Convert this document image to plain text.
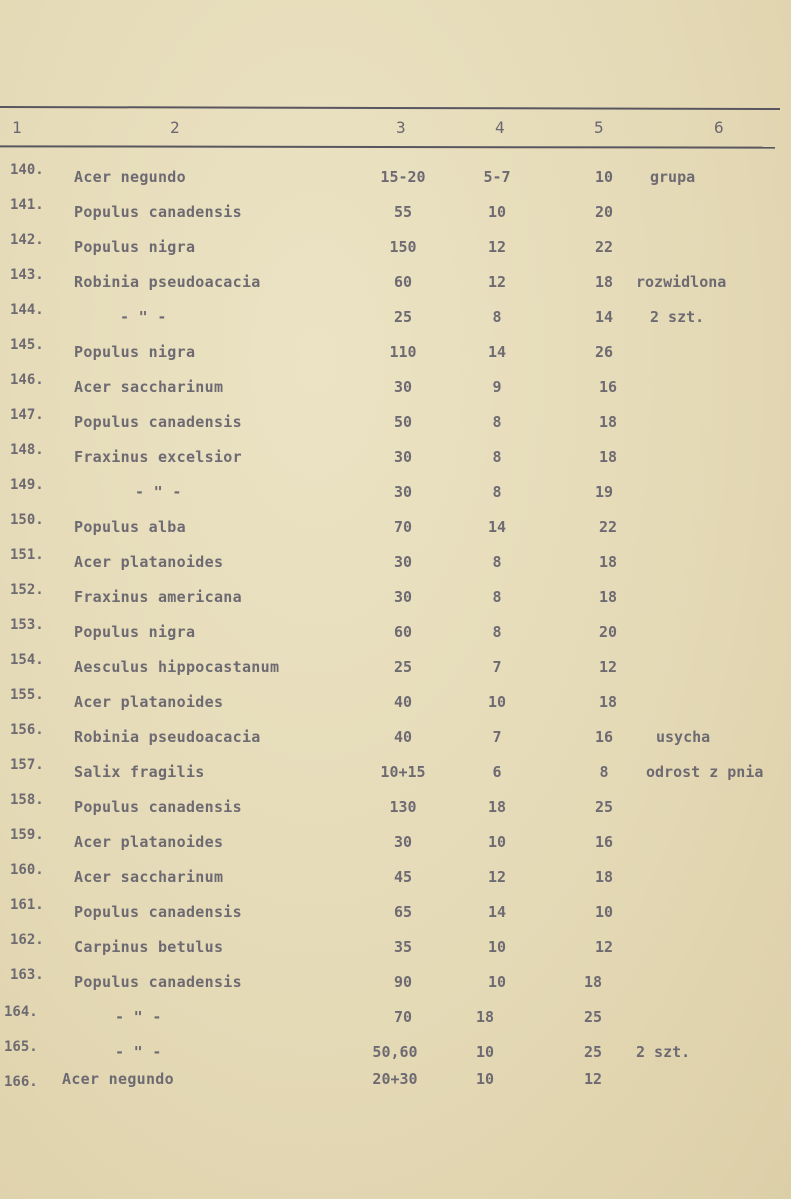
1	2	3	4	5	6
140. Acer negundo	15-20	5-7	10	grupa
141. Populus canadensis	55	10	20
142. Populus nigra	150	12	22
143. Robinia pseudoacacia	60	12	18	rozwidlona
144.	- " -	25	8	14	2 szt.
145. Populus nigra	110	14	26
146. Acer saccharinum	30	9	16
147. Populus canadensis	50	8	18
148. Fraxinus excelsior	30	8	18
149.	- " -	30	8	19
150. Populus alba	70	14	22
151. Acer platanoides	30	8	18
152. Fraxinus americana	30	8	18
153. Populus nigra	60	8	20
154. Aesculus hippocastanum	25	7	12
155. Acer platanoides	40	10	18
156. Robinia pseudoacacia	40	7	16	usycha
157. Salix fragilis	10+15	6	8	odrost z pnia
158. Populus canadensis	130	18	25
159. Acer platanoides	30	10	16
160. Acer saccharinum	45	12	18
161. Populus canadensis	65	14	10
162. Carpinus betulus	35	10	12
163. Populus canadensis	90	10	18
164.	- " -	70	18	25
165.	- " -	50,60	10	25	2 szt.
166. Acer negundo	20+30	10	12
